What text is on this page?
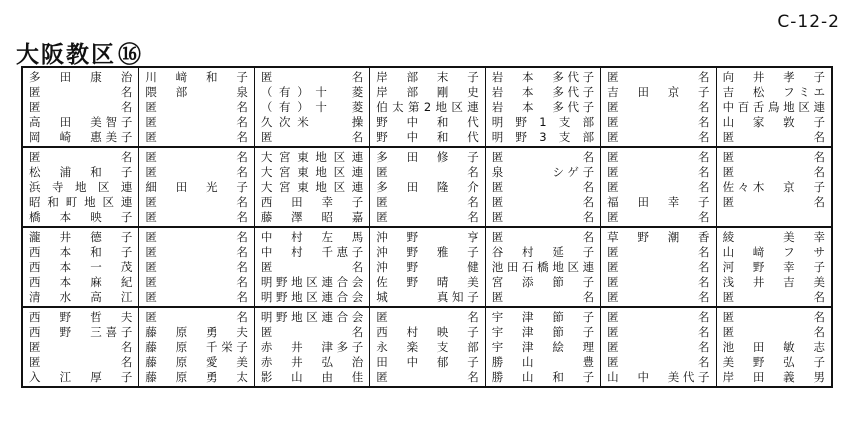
C-12-2
大阪教区⑯
多　田　康　治
匿　名
匿　名
高　田　美智子
岡　崎　惠美子
匿　名
松　浦　和　子
浜寺地区連
昭和町地区連
橋　本　映　子
瀧　井　德　子
西　本　和　子
西　本　一　茂
西　本　麻　紀
清　水　高　江
西　野　哲　夫
西　野　三喜子
匿　名
匿　名
入　江　厚　子
川　﨑　和　子
隈　部　　　泉
匿　名
匿　名
匿　名
匿　名
匿　名
細　田　光　子
匿　名
匿　名
匿　名
匿　名
匿　名
匿　名
匿　名
匿　名
藤　原　勇　夫
藤　原　千栄子
藤　原　愛　美
藤　原　勇　太
匿　名
（有）十　菱
（有）十　菱
久次米　　操
匿　名
大宮東地区連
大宮東地区連
大宮東地区連
西　田　幸　子
藤　澤　昭　嘉
中　村　左　馬
中　村　千恵子
匿　名
明野地区連合会
明野地区連合会
明野地区連合会
匿　名
赤　井　津多子
赤　井　弘　治
影　山　由　佳
岸　部　末　子
岸　部　剛　史
伯太第2地区連
野　中　和　代
野　中　和　代
多　田　修　子
匿　名
多　田　隆　介
匿　名
匿　名
沖　野　　　亨
沖　野　雅　子
沖　野　　　健
佐　野　晴　美
城　　　真知子
匿　名
西　村　映　子
永　楽　支　部
田　中　郁　子
匿　名
岩　本　多代子
岩　本　多代子
岩　本　多代子
明　野　1　支　部
明　野　3　支　部
匿　名
泉　　　シゲ子
匿　名
匿　名
匿　名
匿　名
谷　村　延　子
池田石橋地区連
宮　添　節　子
匿　名
宇　津　節　子
宇　津　節　子
宇　津　絵　理
勝　山　　　豊
勝　山　和　子
匿　名
吉　田　京　子
匿　名
匿　名
匿　名
匿　名
匿　名
匿　名
福　田　幸　子
匿　名
草　野　潮　香
匿　名
匿　名
匿　名
匿　名
匿　名
匿　名
匿　名
匿　名
山　中　美代子
向　井　孝　子
吉　松　フミエ
中百舌鳥地区連
山　家　敦　子
匿　名
匿　名
匿　名
佐々木　京　子
匿　名

綾　　　美　幸
山　﨑　フ　サ
河　野　幸　子
浅　井　吉　美
匿　名
匿　名
匿　名
池　田　敏　志
美　野　弘　子
岸　田　義　男
